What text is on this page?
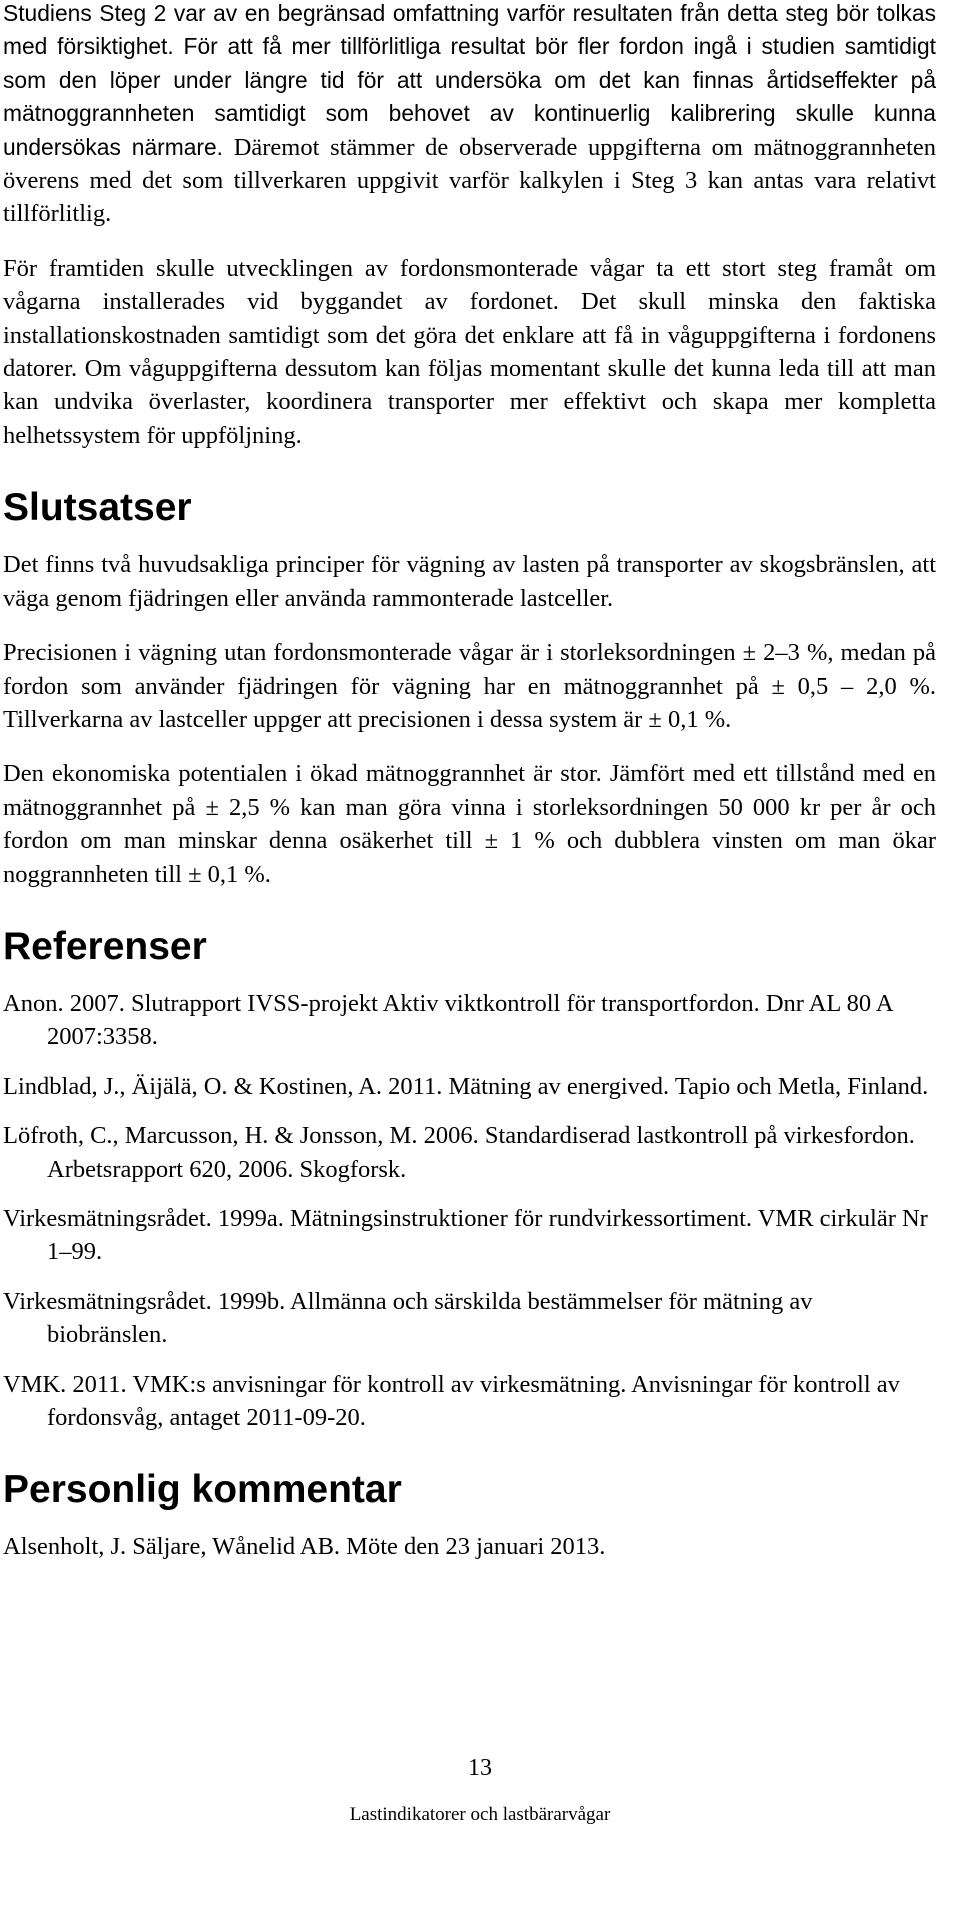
Studiens Steg 2 var av en begränsad omfattning varför resultaten från detta steg bör tolkas med försiktighet. För att få mer tillförlitliga resultat bör fler fordon ingå i studien samtidigt som den löper under längre tid för att undersöka om det kan finnas årtidseffekter på mätnoggrannheten samtidigt som behovet av kontinuerlig kalibrering skulle kunna undersökas närmare. Däremot stämmer de observerade uppgifterna om mätnoggrannheten överens med det som tillverkaren uppgivit varför kalkylen i Steg 3 kan antas vara relativt tillförlitlig.

För framtiden skulle utvecklingen av fordonsmonterade vågar ta ett stort steg framåt om vågarna installerades vid byggandet av fordonet. Det skull minska den faktiska installationskostnaden samtidigt som det göra det enklare att få in våguppgifterna i fordonens datorer. Om våguppgifterna dessutom kan följas momentant skulle det kunna leda till att man kan undvika överlaster, koordinera transporter mer effektivt och skapa mer kompletta helhetssystem för uppföljning.

Slutsatser

Det finns två huvudsakliga principer för vägning av lasten på transporter av skogsbränslen, att väga genom fjädringen eller använda rammonterade lastceller.

Precisionen i vägning utan fordonsmonterade vågar är i storleksordningen ± 2–3 %, medan på fordon som använder fjädringen för vägning har en mätnoggrannhet på ± 0,5 – 2,0 %. Tillverkarna av lastceller uppger att precisionen i dessa system är ± 0,1 %.

Den ekonomiska potentialen i ökad mätnoggrannhet är stor. Jämfört med ett tillstånd med en mätnoggrannhet på ± 2,5 % kan man göra vinna i storleksordningen 50 000 kr per år och fordon om man minskar denna osäkerhet till ± 1 % och dubblera vinsten om man ökar noggrannheten till ± 0,1 %.

Referenser

Anon. 2007. Slutrapport IVSS-projekt Aktiv viktkontroll för transportfordon. Dnr AL 80 A 2007:3358.

Lindblad, J., Äijälä, O. & Kostinen, A. 2011. Mätning av energived. Tapio och Metla, Finland.

Löfroth, C., Marcusson, H. & Jonsson, M. 2006. Standardiserad lastkontroll på virkesfordon. Arbetsrapport 620, 2006. Skogforsk.

Virkesmätningsrådet. 1999a. Mätningsinstruktioner för rundvirkessortiment. VMR cirkulär Nr 1–99.

Virkesmätningsrådet. 1999b. Allmänna och särskilda bestämmelser för mätning av biobränslen.

VMK. 2011. VMK:s anvisningar för kontroll av virkesmätning. Anvisningar för kontroll av fordonsvåg, antaget 2011-09-20.

Personlig kommentar

Alsenholt, J. Säljare, Wånelid AB. Möte den 23 januari 2013.

13
Lastindikatorer och lastbärarvågar
